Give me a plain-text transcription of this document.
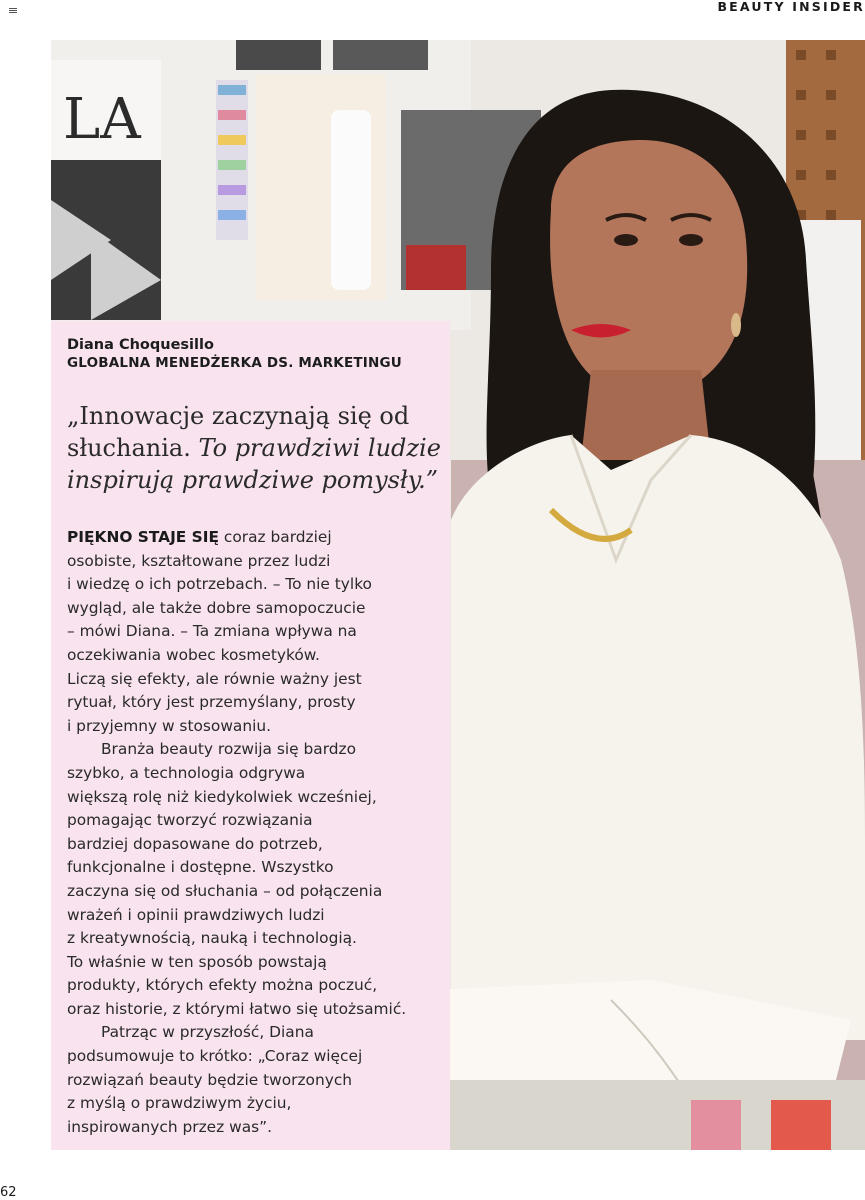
BEAUTY INSIDER
LA
Diana Choquesillo
GLOBALNA MENEDŻERKA DS. MARKETINGU
„Innowacje zaczynają się od
słuchania. To prawdziwi ludzie
inspirują prawdziwe pomysły.”
PIĘKNO STAJE SIĘ coraz bardziej
osobiste, kształtowane przez ludzi
i wiedzę o ich potrzebach. – To nie tylko
wygląd, ale także dobre samopoczucie
– mówi Diana. – Ta zmiana wpływa na
oczekiwania wobec kosmetyków.
Liczą się efekty, ale równie ważny jest
rytuał, który jest przemyślany, prosty
i przyjemny w stosowaniu.
Branża beauty rozwija się bardzo
szybko, a technologia odgrywa
większą rolę niż kiedykolwiek wcześniej,
pomagając tworzyć rozwiązania
bardziej dopasowane do potrzeb,
funkcjonalne i dostępne. Wszystko
zaczyna się od słuchania – od połączenia
wrażeń i opinii prawdziwych ludzi
z kreatywnością, nauką i technologią.
To właśnie w ten sposób powstają
produkty, których efekty można poczuć,
oraz historie, z którymi łatwo się utożsamić.
Patrząc w przyszłość, Diana
podsumowuje to krótko: „Coraz więcej
rozwiązań beauty będzie tworzonych
z myślą o prawdziwym życiu,
inspirowanych przez was”.
62
